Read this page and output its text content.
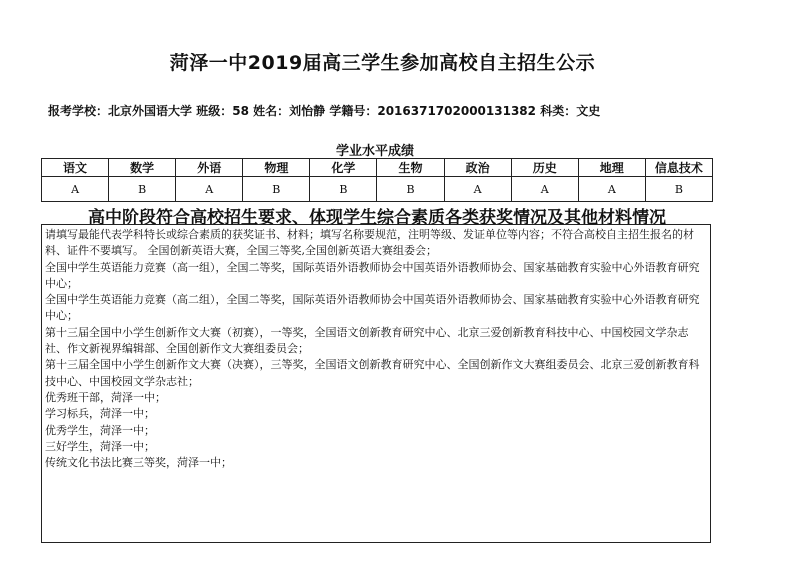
菏泽一中2019届高三学生参加高校自主招生公示
报考学校：北京外国语大学 班级：58 姓名：刘怡静 学籍号：2016371702000131382 科类：文史
学业水平成绩
语文	数学	外语	物理	化学	生物	政治	历史	地理	信息技术
A	B	A	B	B	B	A	A	A	B
高中阶段符合高校招生要求、体现学生综合素质各类获奖情况及其他材料情况
请填写最能代表学科特长或综合素质的获奖证书、材料；填写名称要规范，注明等级、发证单位等内容；不符合高校自主招生报名的材料、证件不要填写。 全国创新英语大赛，全国三等奖,全国创新英语大赛组委会；
全国中学生英语能力竞赛（高一组），全国二等奖，国际英语外语教师协会中国英语外语教师协会、国家基础教育实验中心外语教育研究中心；
全国中学生英语能力竞赛（高二组），全国二等奖，国际英语外语教师协会中国英语外语教师协会、国家基础教育实验中心外语教育研究中心；
第十三届全国中小学生创新作文大赛（初赛），一等奖，全国语文创新教育研究中心、北京三爱创新教育科技中心、中国校园文学杂志社、作文新视界编辑部、全国创新作文大赛组委员会；
第十三届全国中小学生创新作文大赛（决赛），三等奖，全国语文创新教育研究中心、全国创新作文大赛组委员会、北京三爱创新教育科技中心、中国校园文学杂志社；
优秀班干部，菏泽一中；
学习标兵，菏泽一中；
优秀学生，菏泽一中；
三好学生，菏泽一中；
传统文化书法比赛三等奖，菏泽一中；
